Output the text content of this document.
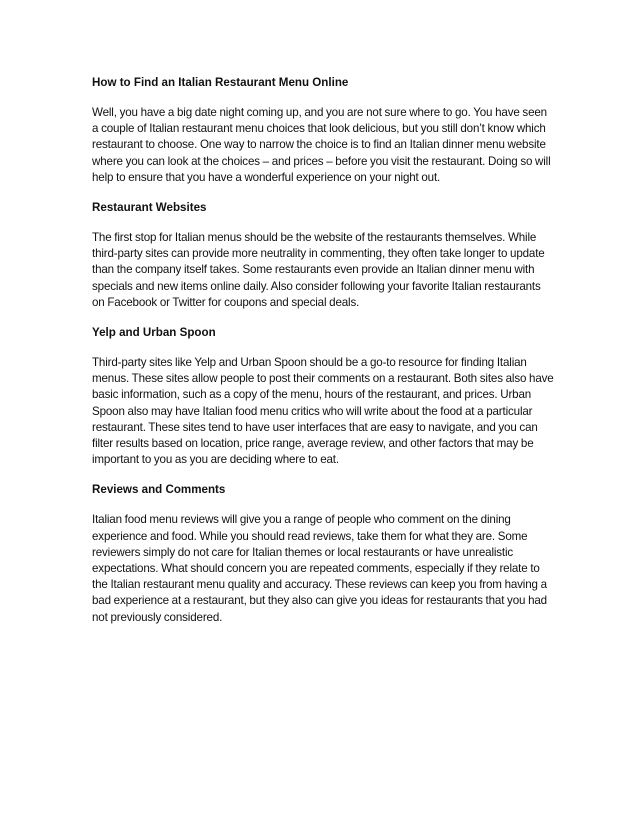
How to Find an Italian Restaurant Menu Online

Well, you have a big date night coming up, and you are not sure where to go. You have seen a couple of Italian restaurant menu choices that look delicious, but you still don’t know which restaurant to choose. One way to narrow the choice is to find an Italian dinner menu website where you can look at the choices – and prices – before you visit the restaurant. Doing so will help to ensure that you have a wonderful experience on your night out.

Restaurant Websites

The first stop for Italian menus should be the website of the restaurants themselves. While third-party sites can provide more neutrality in commenting, they often take longer to update than the company itself takes. Some restaurants even provide an Italian dinner menu with specials and new items online daily. Also consider following your favorite Italian restaurants on Facebook or Twitter for coupons and special deals.

Yelp and Urban Spoon

Third-party sites like Yelp and Urban Spoon should be a go-to resource for finding Italian menus. These sites allow people to post their comments on a restaurant. Both sites also have basic information, such as a copy of the menu, hours of the restaurant, and prices. Urban Spoon also may have Italian food menu critics who will write about the food at a particular restaurant. These sites tend to have user interfaces that are easy to navigate, and you can filter results based on location, price range, average review, and other factors that may be important to you as you are deciding where to eat.

Reviews and Comments

Italian food menu reviews will give you a range of people who comment on the dining experience and food. While you should read reviews, take them for what they are. Some reviewers simply do not care for Italian themes or local restaurants or have unrealistic expectations. What should concern you are repeated comments, especially if they relate to the Italian restaurant menu quality and accuracy. These reviews can keep you from having a bad experience at a restaurant, but they also can give you ideas for restaurants that you had not previously considered.
